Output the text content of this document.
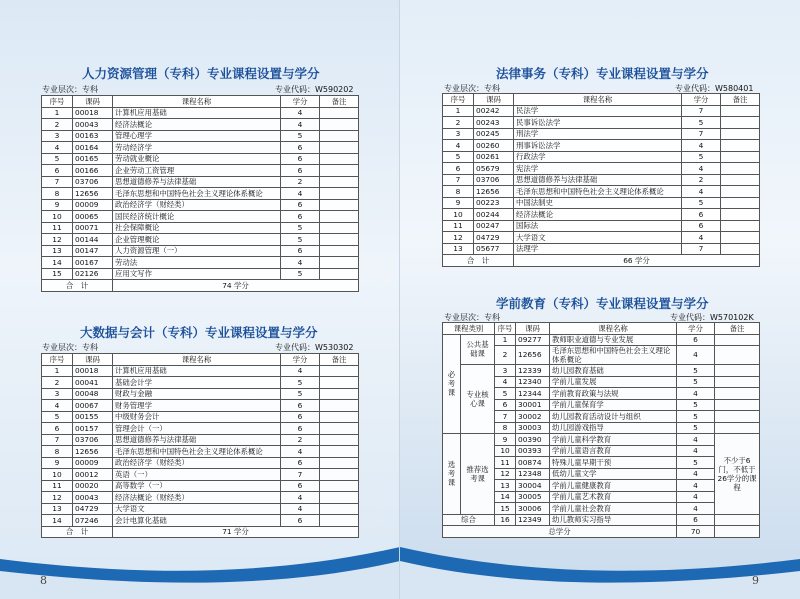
8
人力资源管理（专科）专业课程设置与学分
专业层次：专科	专业代码：W590202
序号	课码	课程名称	学分	备注
1	00018	计算机应用基础	4	
2	00043	经济法概论	4	
3	00163	管理心理学	5	
4	00164	劳动经济学	6	
5	00165	劳动就业概论	6	
6	00166	企业劳动工资管理	6	
7	03706	思想道德修养与法律基础	2	
8	12656	毛泽东思想和中国特色社会主义理论体系概论	4	
9	00009	政治经济学（财经类）	6	
10	00065	国民经济统计概论	6	
11	00071	社会保障概论	5	
12	00144	企业管理概论	5	
13	00147	人力资源管理（一）	6	
14	00167	劳动法	4	
15	02126	应用文写作	5	
合　计		74 学分		
大数据与会计（专科）专业课程设置与学分
专业层次：专科	专业代码：W530302
序号	课码	课程名称	学分	备注
1	00018	计算机应用基础	4	
2	00041	基础会计学	5	
3	00048	财政与金融	5	
4	00067	财务管理学	6	
5	00155	中级财务会计	6	
6	00157	管理会计（一）	6	
7	03706	思想道德修养与法律基础	2	
8	12656	毛泽东思想和中国特色社会主义理论体系概论	4	
9	00009	政治经济学（财经类）	6	
10	00012	英语（一）	7	
11	00020	高等数学（一）	6	
12	00043	经济法概论（财经类）	4	
13	04729	大学语文	4	
14	07246	会计电算化基础	6	
合　计		71 学分		
9
法律事务（专科）专业课程设置与学分
专业层次：专科	专业代码：W580401
序号	课码	课程名称	学分	备注
1	00242	民法学	7	
2	00243	民事诉讼法学	5	
3	00245	刑法学	7	
4	00260	刑事诉讼法学	4	
5	00261	行政法学	5	
6	05679	宪法学	4	
7	03706	思想道德修养与法律基础	2	
8	12656	毛泽东思想和中国特色社会主义理论体系概论	4	
9	00223	中国法制史	5	
10	00244	经济法概论	6	
11	00247	国际法	6	
12	04729	大学语文	4	
13	05677	法理学	7	
合　计		66 学分		
学前教育（专科）专业课程设置与学分
专业层次：专科	专业代码：W570102K
课程类别		序号	课码	课程名称	学分	备注
必考课	公共基础课	1	09277	教师职业道德与专业发展	6	
		2	12656	毛泽东思想和中国特色社会主义理论体系概论	4	
	专业核心课	3	12339	幼儿园教育基础	5	
		4	12340	学前儿童发展	5	
		5	12344	学前教育政策与法规	4	
		6	30001	学前儿童保育学	5	
		7	30002	幼儿园教育活动设计与组织	5	
		8	30003	幼儿园游戏指导	5	
选考课	推荐选考课	9	00390	学前儿童科学教育	4	不少于6门，不低于26学分的课程
		10	00393	学前儿童语言教育	4	
		11	00874	特殊儿童早期干预	5	
		12	12348	低幼儿童文学	4	
		13	30004	学前儿童健康教育	4	
		14	30005	学前儿童艺术教育	4	
		15	30006	学前儿童社会教育	4	
综合		16	12349	幼儿教师实习指导	6	
总学分					70	
